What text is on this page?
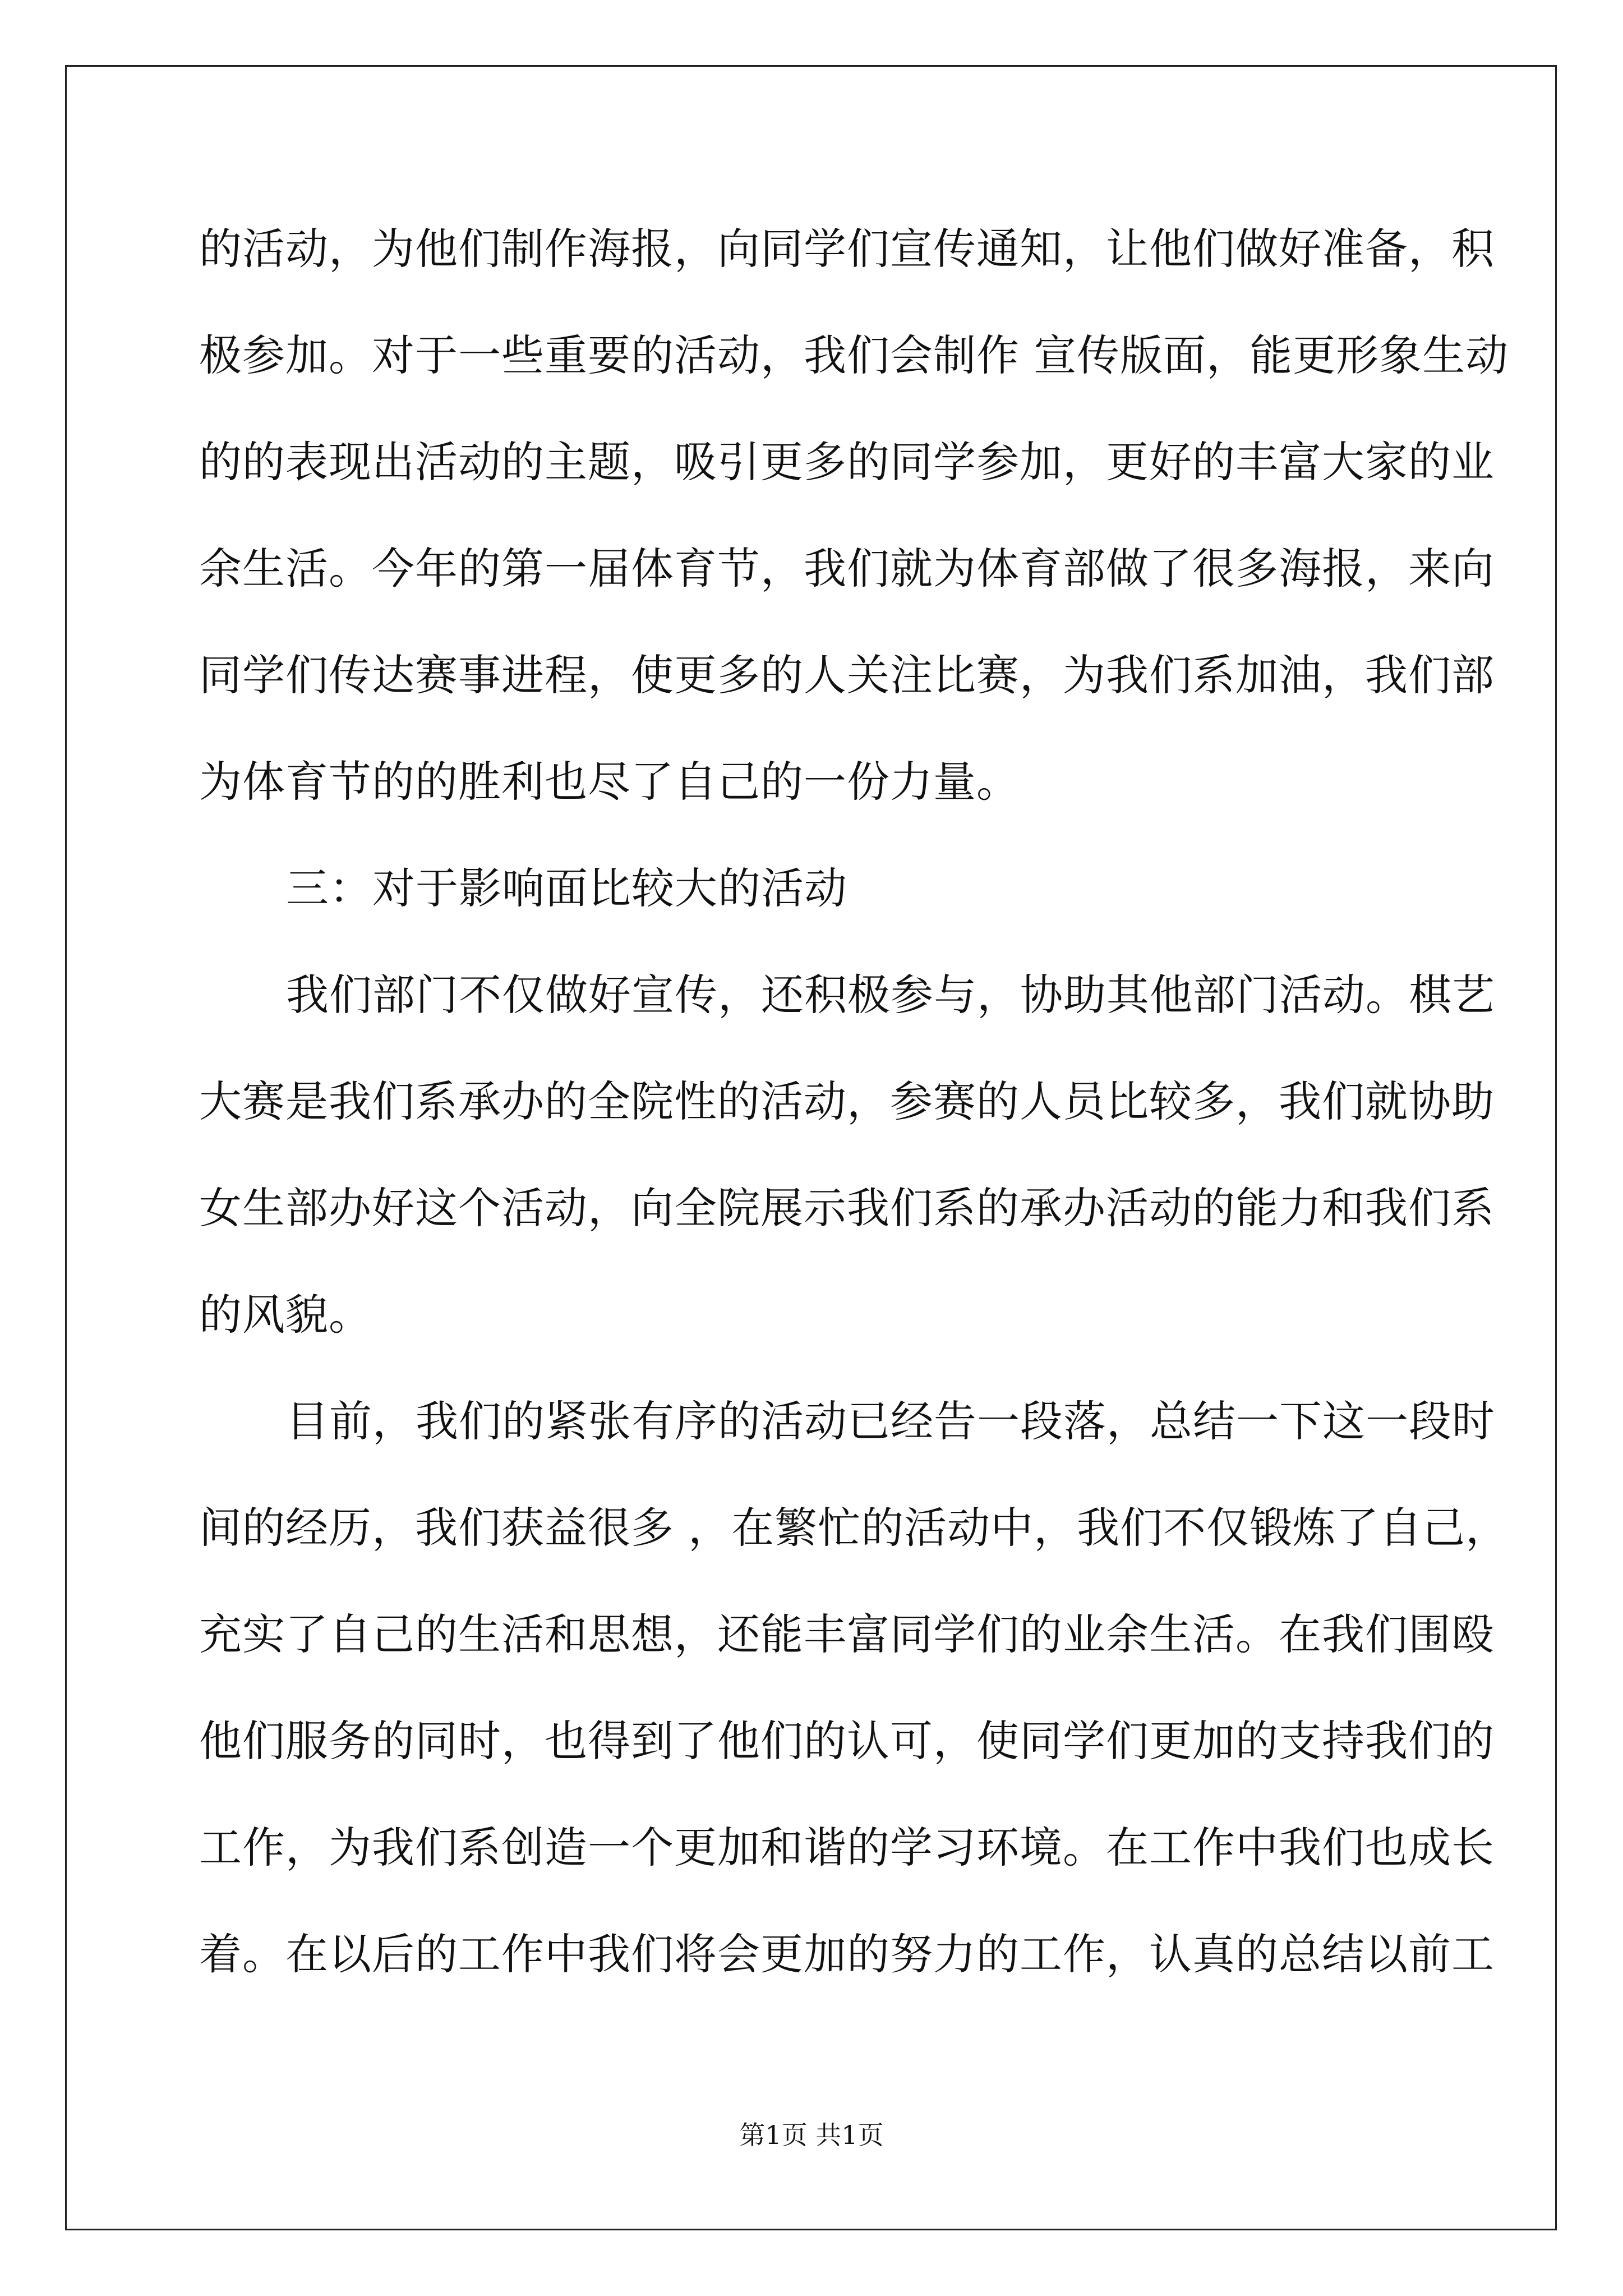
的活动，为他们制作海报，向同学们宣传通知，让他们做好准备，积
极参加。对于一些重要的活动，我们会制作 宣传版面，能更形象生动
的的表现出活动的主题，吸引更多的同学参加，更好的丰富大家的业
余生活。今年的第一届体育节，我们就为体育部做了很多海报，来向
同学们传达赛事进程，使更多的人关注比赛，为我们系加油，我们部
为体育节的的胜利也尽了自己的一份力量。
三：对于影响面比较大的活动
我们部门不仅做好宣传，还积极参与，协助其他部门活动。棋艺
大赛是我们系承办的全院性的活动，参赛的人员比较多，我们就协助
女生部办好这个活动，向全院展示我们系的承办活动的能力和我们系
的风貌。
目前，我们的紧张有序的活动已经告一段落，总结一下这一段时
间的经历，我们获益很多 ，在繁忙的活动中，我们不仅锻炼了自己，
充实了自己的生活和思想，还能丰富同学们的业余生活。在我们围殴
他们服务的同时，也得到了他们的认可，使同学们更加的支持我们的
工作，为我们系创造一个更加和谐的学习环境。在工作中我们也成长
着。在以后的工作中我们将会更加的努力的工作，认真的总结以前工
第1页 共1页
